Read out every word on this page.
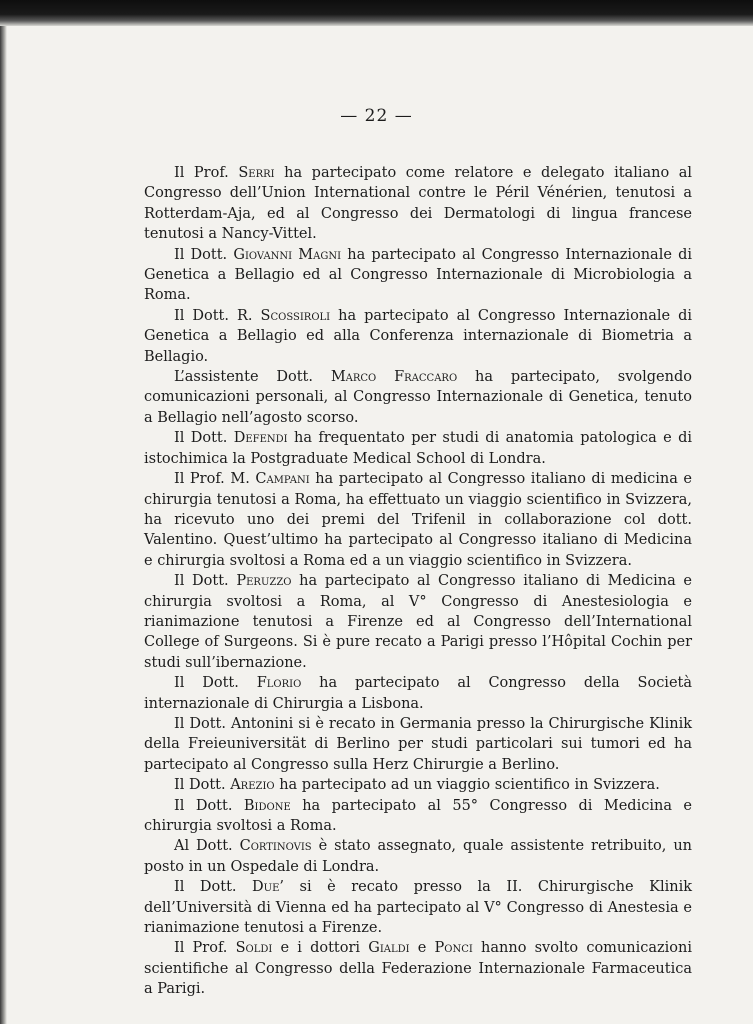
— 22 —

Il Prof. Serri ha partecipato come relatore e delegato italiano al Congresso dell’Union International contre le Péril Vénérien, tenutosi a Rotterdam-Aja, ed al Congresso dei Dermatologi di lingua francese tenutosi a Nancy-Vittel.

Il Dott. Giovanni Magni ha partecipato al Congresso Internazionale di Genetica a Bellagio ed al Congresso Internazionale di Microbiologia a Roma.

Il Dott. R. Scossiroli ha partecipato al Congresso Internazionale di Genetica a Bellagio ed alla Conferenza internazionale di Biometria a Bellagio.

L’assistente Dott. Marco Fraccaro ha partecipato, svolgendo comunicazioni personali, al Congresso Internazionale di Genetica, tenuto a Bellagio nell’agosto scorso.

Il Dott. Defendi ha frequentato per studi di anatomia patologica e di istochimica la Postgraduate Medical School di Londra.

Il Prof. M. Campani ha partecipato al Congresso italiano di medicina e chirurgia tenutosi a Roma, ha effettuato un viaggio scientifico in Svizzera, ha ricevuto uno dei premi del Trifenil in collaborazione col dott. Valentino. Quest’ultimo ha partecipato al Congresso italiano di Medicina e chirurgia svoltosi a Roma ed a un viaggio scientifico in Svizzera.

Il Dott. Peruzzo ha partecipato al Congresso italiano di Medicina e chirurgia svoltosi a Roma, al V° Congresso di Anestesiologia e rianimazione tenutosi a Firenze ed al Congresso dell’International College of Surgeons. Si è pure recato a Parigi presso l’Hôpital Cochin per studi sull’ibernazione.

Il Dott. Florio ha partecipato al Congresso della Società internazionale di Chirurgia a Lisbona.

Il Dott. Antonini si è recato in Germania presso la Chirurgische Klinik della Freieuniversität di Berlino per studi particolari sui tumori ed ha partecipato al Congresso sulla Herz Chirurgie a Berlino.

Il Dott. Arezio ha partecipato ad un viaggio scientifico in Svizzera.

Il Dott. Bidone ha partecipato al 55° Congresso di Medicina e chirurgia svoltosi a Roma.

Al Dott. Cortinovis è stato assegnato, quale assistente retribuito, un posto in un Ospedale di Londra.

Il Dott. Due’ si è recato presso la II. Chirurgische Klinik dell’Università di Vienna ed ha partecipato al V° Congresso di Anestesia e rianimazione tenutosi a Firenze.

Il Prof. Soldi e i dottori Gialdi e Ponci hanno svolto comunicazioni scientifiche al Congresso della Federazione Internazionale Farmaceutica a Parigi.
